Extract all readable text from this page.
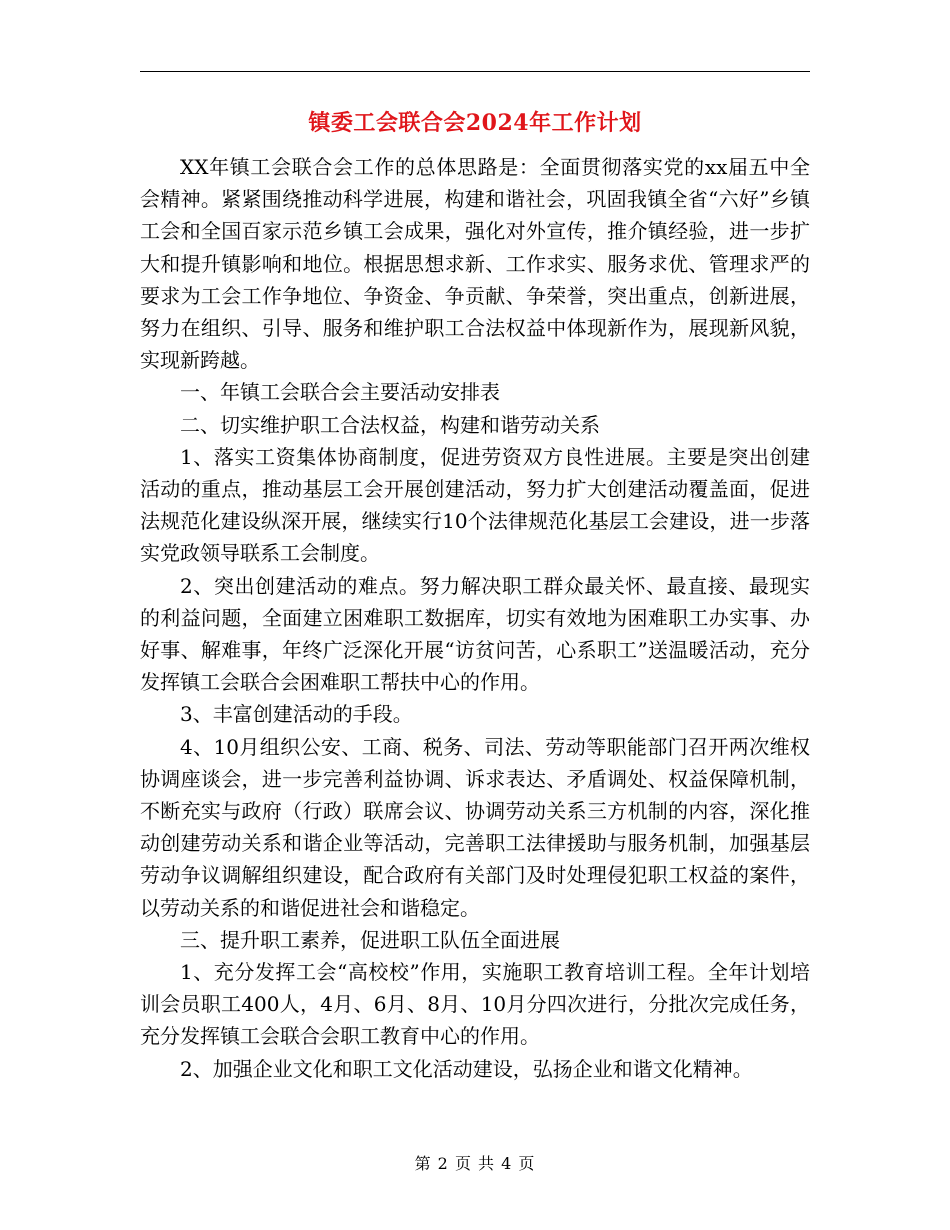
镇委工会联合会2024年工作计划

XX年镇工会联合会工作的总体思路是：全面贯彻落实党的xx届五中全会精神。紧紧围绕推动科学进展，构建和谐社会，巩固我镇全省“六好”乡镇工会和全国百家示范乡镇工会成果，强化对外宣传，推介镇经验，进一步扩大和提升镇影响和地位。根据思想求新、工作求实、服务求优、管理求严的要求为工会工作争地位、争资金、争贡献、争荣誉，突出重点，创新进展，努力在组织、引导、服务和维护职工合法权益中体现新作为，展现新风貌，实现新跨越。

一、年镇工会联合会主要活动安排表

二、切实维护职工合法权益，构建和谐劳动关系

1、落实工资集体协商制度，促进劳资双方良性进展。主要是突出创建活动的重点，推动基层工会开展创建活动，努力扩大创建活动覆盖面，促进法规范化建设纵深开展，继续实行10个法律规范化基层工会建设，进一步落实党政领导联系工会制度。

2、突出创建活动的难点。努力解决职工群众最关怀、最直接、最现实的利益问题，全面建立困难职工数据库，切实有效地为困难职工办实事、办好事、解难事，年终广泛深化开展“访贫问苦，心系职工”送温暖活动，充分发挥镇工会联合会困难职工帮扶中心的作用。

3、丰富创建活动的手段。

4、10月组织公安、工商、税务、司法、劳动等职能部门召开两次维权协调座谈会，进一步完善利益协调、诉求表达、矛盾调处、权益保障机制，不断充实与政府（行政）联席会议、协调劳动关系三方机制的内容，深化推动创建劳动关系和谐企业等活动，完善职工法律援助与服务机制，加强基层劳动争议调解组织建设，配合政府有关部门及时处理侵犯职工权益的案件，以劳动关系的和谐促进社会和谐稳定。

三、提升职工素养，促进职工队伍全面进展

1、充分发挥工会“高校校”作用，实施职工教育培训工程。全年计划培训会员职工400人，4月、6月、8月、10月分四次进行，分批次完成任务，充分发挥镇工会联合会职工教育中心的作用。

2、加强企业文化和职工文化活动建设，弘扬企业和谐文化精神。

第 2 页 共 4 页
